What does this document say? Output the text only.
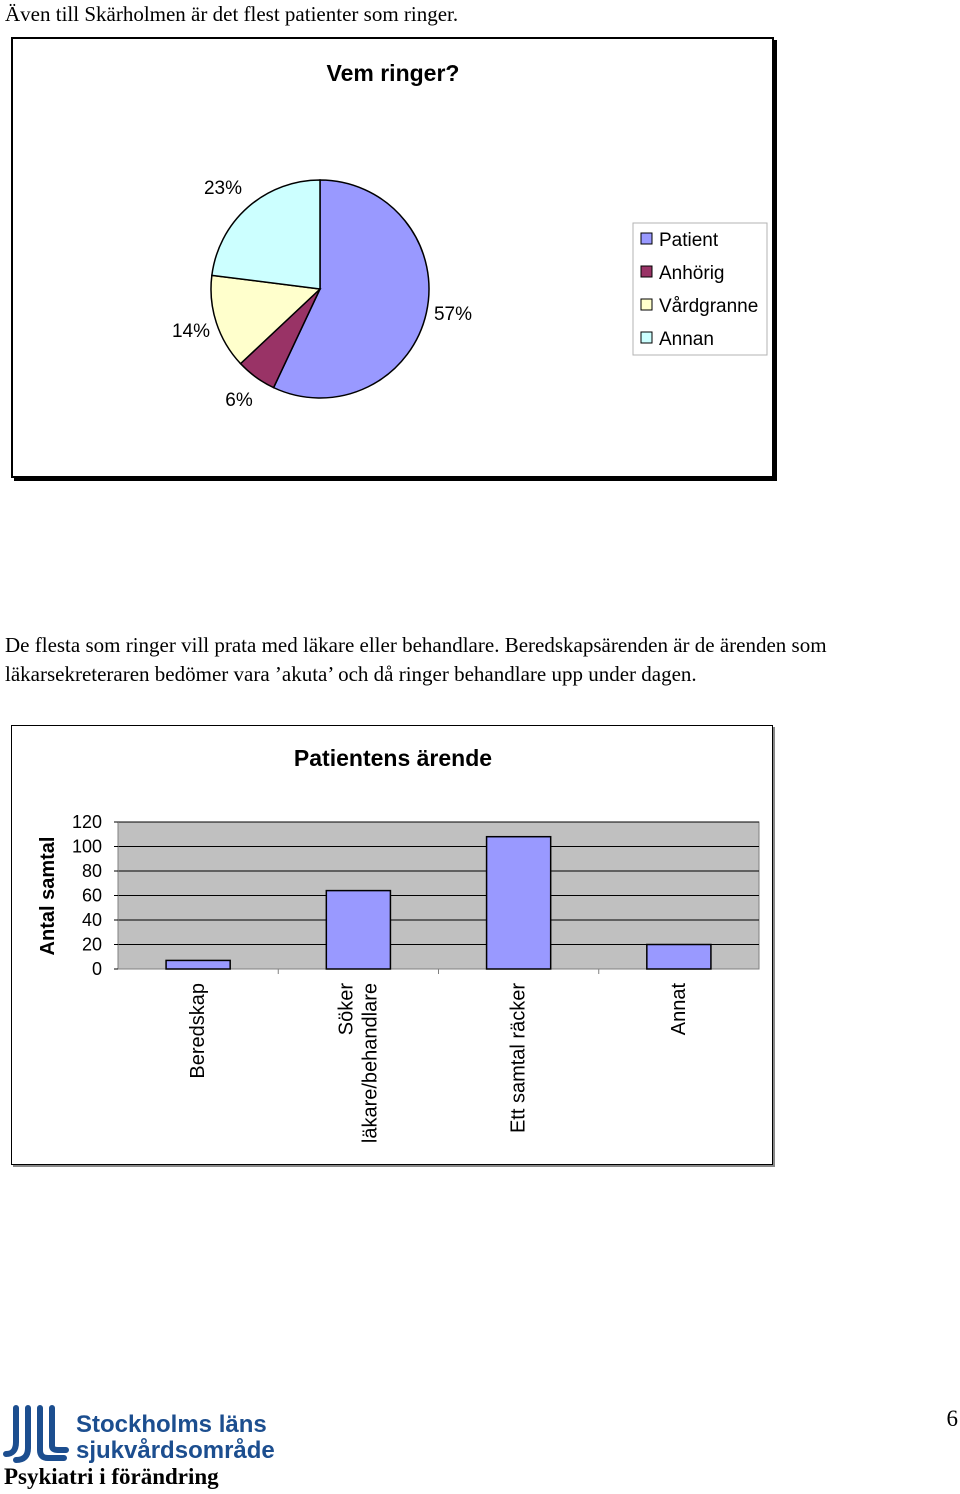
Även till Skärholmen är det flest patienter som ringer.
Vem ringer?
57%
6%
14%
23%
Patient
Anhörig
Vårdgranne
Annan
De flesta som ringer vill prata med läkare eller behandlare. Beredskapsärenden är de ärenden som läkarsekreteraren bedömer vara ’akuta’ och då ringer behandlare upp under dagen.
Patientens ärende
Antal samtal
0
20
40
60
80
100
120
Beredskap	Söker läkare/behandlare	Ett samtal räcker	Annat
Stockholms läns
sjukvårdsområde
Psykiatri i förändring
6
